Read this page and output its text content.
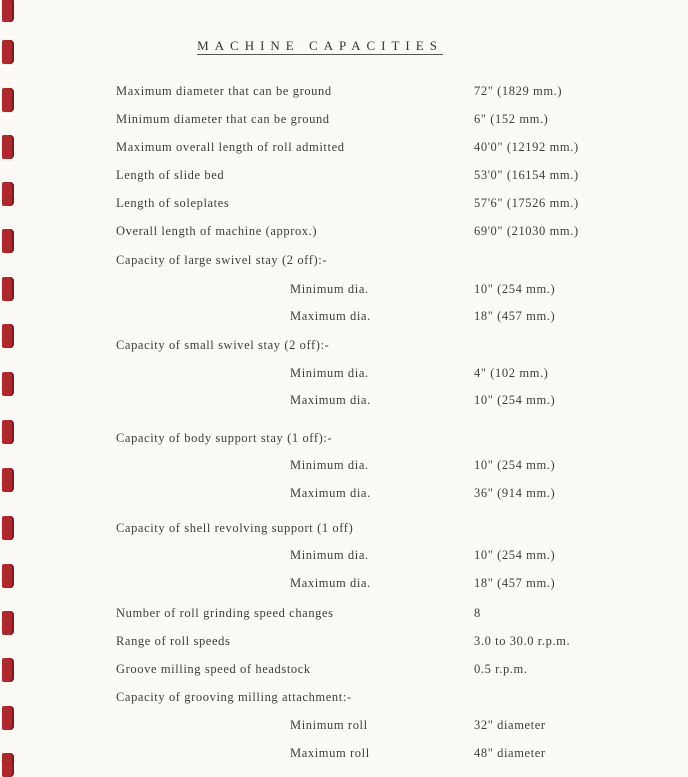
MACHINE CAPACITIES
Maximum diameter that can be ground	72" (1829 mm.)
Minimum diameter that can be ground	6" (152 mm.)
Maximum overall length of roll admitted	40'0" (12192 mm.)
Length of slide bed	53'0" (16154 mm.)
Length of soleplates	57'6" (17526 mm.)
Overall length of machine (approx.)	69'0" (21030 mm.)
Capacity of large swivel stay (2 off):-
Minimum dia.	10" (254 mm.)
Maximum dia.	18" (457 mm.)
Capacity of small swivel stay (2 off):-
Minimum dia.	4" (102 mm.)
Maximum dia.	10" (254 mm.)
Capacity of body support stay (1 off):-
Minimum dia.	10" (254 mm.)
Maximum dia.	36" (914 mm.)
Capacity of shell revolving support (1 off)
Minimum dia.	10" (254 mm.)
Maximum dia.	18" (457 mm.)
Number of roll grinding speed changes	8
Range of roll speeds	3.0 to 30.0 r.p.m.
Groove milling speed of headstock	0.5 r.p.m.
Capacity of grooving milling attachment:-
Minimum roll	32" diameter
Maximum roll	48" diameter
